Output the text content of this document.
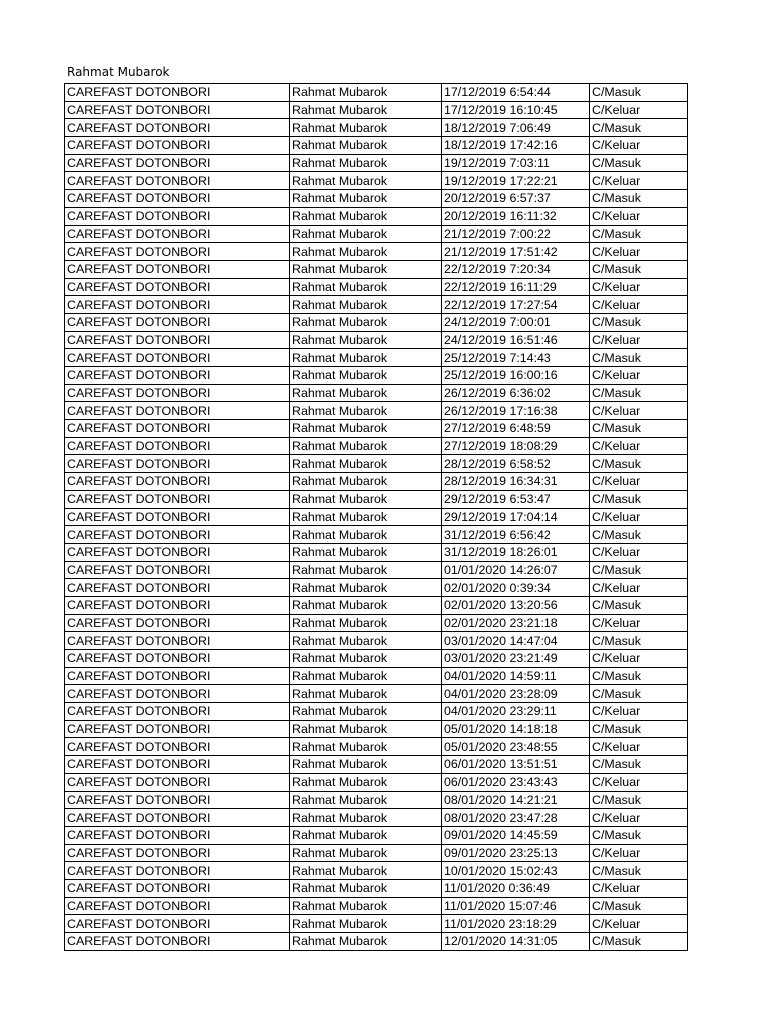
Rahmat Mubarok
CAREFAST DOTONBORI	Rahmat Mubarok	17/12/2019 6:54:44	C/Masuk
CAREFAST DOTONBORI	Rahmat Mubarok	17/12/2019 16:10:45	C/Keluar
CAREFAST DOTONBORI	Rahmat Mubarok	18/12/2019 7:06:49	C/Masuk
CAREFAST DOTONBORI	Rahmat Mubarok	18/12/2019 17:42:16	C/Keluar
CAREFAST DOTONBORI	Rahmat Mubarok	19/12/2019 7:03:11	C/Masuk
CAREFAST DOTONBORI	Rahmat Mubarok	19/12/2019 17:22:21	C/Keluar
CAREFAST DOTONBORI	Rahmat Mubarok	20/12/2019 6:57:37	C/Masuk
CAREFAST DOTONBORI	Rahmat Mubarok	20/12/2019 16:11:32	C/Keluar
CAREFAST DOTONBORI	Rahmat Mubarok	21/12/2019 7:00:22	C/Masuk
CAREFAST DOTONBORI	Rahmat Mubarok	21/12/2019 17:51:42	C/Keluar
CAREFAST DOTONBORI	Rahmat Mubarok	22/12/2019 7:20:34	C/Masuk
CAREFAST DOTONBORI	Rahmat Mubarok	22/12/2019 16:11:29	C/Keluar
CAREFAST DOTONBORI	Rahmat Mubarok	22/12/2019 17:27:54	C/Keluar
CAREFAST DOTONBORI	Rahmat Mubarok	24/12/2019 7:00:01	C/Masuk
CAREFAST DOTONBORI	Rahmat Mubarok	24/12/2019 16:51:46	C/Keluar
CAREFAST DOTONBORI	Rahmat Mubarok	25/12/2019 7:14:43	C/Masuk
CAREFAST DOTONBORI	Rahmat Mubarok	25/12/2019 16:00:16	C/Keluar
CAREFAST DOTONBORI	Rahmat Mubarok	26/12/2019 6:36:02	C/Masuk
CAREFAST DOTONBORI	Rahmat Mubarok	26/12/2019 17:16:38	C/Keluar
CAREFAST DOTONBORI	Rahmat Mubarok	27/12/2019 6:48:59	C/Masuk
CAREFAST DOTONBORI	Rahmat Mubarok	27/12/2019 18:08:29	C/Keluar
CAREFAST DOTONBORI	Rahmat Mubarok	28/12/2019 6:58:52	C/Masuk
CAREFAST DOTONBORI	Rahmat Mubarok	28/12/2019 16:34:31	C/Keluar
CAREFAST DOTONBORI	Rahmat Mubarok	29/12/2019 6:53:47	C/Masuk
CAREFAST DOTONBORI	Rahmat Mubarok	29/12/2019 17:04:14	C/Keluar
CAREFAST DOTONBORI	Rahmat Mubarok	31/12/2019 6:56:42	C/Masuk
CAREFAST DOTONBORI	Rahmat Mubarok	31/12/2019 18:26:01	C/Keluar
CAREFAST DOTONBORI	Rahmat Mubarok	01/01/2020 14:26:07	C/Masuk
CAREFAST DOTONBORI	Rahmat Mubarok	02/01/2020 0:39:34	C/Keluar
CAREFAST DOTONBORI	Rahmat Mubarok	02/01/2020 13:20:56	C/Masuk
CAREFAST DOTONBORI	Rahmat Mubarok	02/01/2020 23:21:18	C/Keluar
CAREFAST DOTONBORI	Rahmat Mubarok	03/01/2020 14:47:04	C/Masuk
CAREFAST DOTONBORI	Rahmat Mubarok	03/01/2020 23:21:49	C/Keluar
CAREFAST DOTONBORI	Rahmat Mubarok	04/01/2020 14:59:11	C/Masuk
CAREFAST DOTONBORI	Rahmat Mubarok	04/01/2020 23:28:09	C/Masuk
CAREFAST DOTONBORI	Rahmat Mubarok	04/01/2020 23:29:11	C/Keluar
CAREFAST DOTONBORI	Rahmat Mubarok	05/01/2020 14:18:18	C/Masuk
CAREFAST DOTONBORI	Rahmat Mubarok	05/01/2020 23:48:55	C/Keluar
CAREFAST DOTONBORI	Rahmat Mubarok	06/01/2020 13:51:51	C/Masuk
CAREFAST DOTONBORI	Rahmat Mubarok	06/01/2020 23:43:43	C/Keluar
CAREFAST DOTONBORI	Rahmat Mubarok	08/01/2020 14:21:21	C/Masuk
CAREFAST DOTONBORI	Rahmat Mubarok	08/01/2020 23:47:28	C/Keluar
CAREFAST DOTONBORI	Rahmat Mubarok	09/01/2020 14:45:59	C/Masuk
CAREFAST DOTONBORI	Rahmat Mubarok	09/01/2020 23:25:13	C/Keluar
CAREFAST DOTONBORI	Rahmat Mubarok	10/01/2020 15:02:43	C/Masuk
CAREFAST DOTONBORI	Rahmat Mubarok	11/01/2020 0:36:49	C/Keluar
CAREFAST DOTONBORI	Rahmat Mubarok	11/01/2020 15:07:46	C/Masuk
CAREFAST DOTONBORI	Rahmat Mubarok	11/01/2020 23:18:29	C/Keluar
CAREFAST DOTONBORI	Rahmat Mubarok	12/01/2020 14:31:05	C/Masuk
